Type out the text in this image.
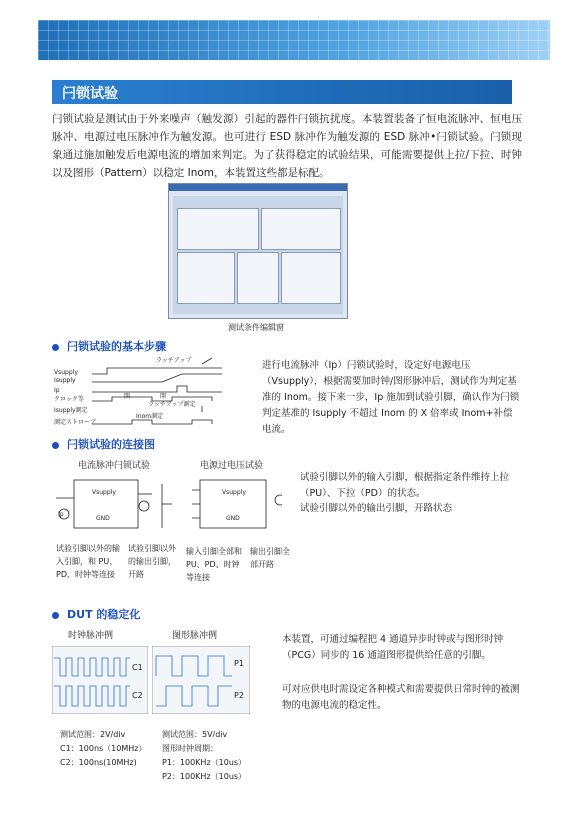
闩锁试验
闩锁试验是测试由于外来噪声（触发源）引起的器件闩锁抗扰度。本装置装备了恒电流脉冲、恒电压脉冲、电源过电压脉冲作为触发源。也可进行 ESD 脉冲作为触发源的 ESD 脉冲•闩锁试验。闩锁现象通过施加触发后电源电流的增加来判定。为了获得稳定的试验结果，可能需要提供上拉/下拉、时钟以及图形（Pattern）以稳定 Inom，本装置这些都是标配。
测试条件编辑窗
闩锁试验的基本步骤
ラッチアップ
Vsupply
Isupply
Ip
クロック等
Isupply測定
測定ストローブ
ラッチアップ測定
Inom測定
開	開
进行电流脉冲（Ip）闩锁试验时，设定好电源电压（Vsupply），根据需要加时钟/图形脉冲后，测试作为判定基准的 Inom。接下来一步，Ip 施加到试验引脚，确认作为闩锁判定基准的 Isupply 不超过 Inom 的 X 倍率或 Inom+补偿电流。
闩锁试验的连接图
电流脉冲闩锁试验	电源过电压试验
Vsupply
GND
Ip
Vsupply
GND
试验引脚以外的输入引脚，根据指定条件维持上拉（PU）、下拉（PD）的状态。
试验引脚以外的输出引脚，开路状态
试验引脚以外的输入引脚，和 PU、PD、时钟等连接
试验引脚以外的输出引脚，开路
输入引脚全部和 PU、PD、时钟等连接
输出引脚全部开路
DUT 的稳定化
时钟脉冲例	图形脉冲例
C1
C2
P1
P2
本装置，可通过编程把 4 通道异步时钟或与图形时钟（PCG）同步的 16 通道图形提供给任意的引脚。
可对应供电时需设定各种模式和需要提供日常时钟的被测物的电源电流的稳定性。
测试范围：2V/div
C1：100ns（10MHz）
C2：100ns(10MHz)
测试范围：5V/div
图形时钟周期：
P1：100KHz（10us）
P2：100KHz（10us）
